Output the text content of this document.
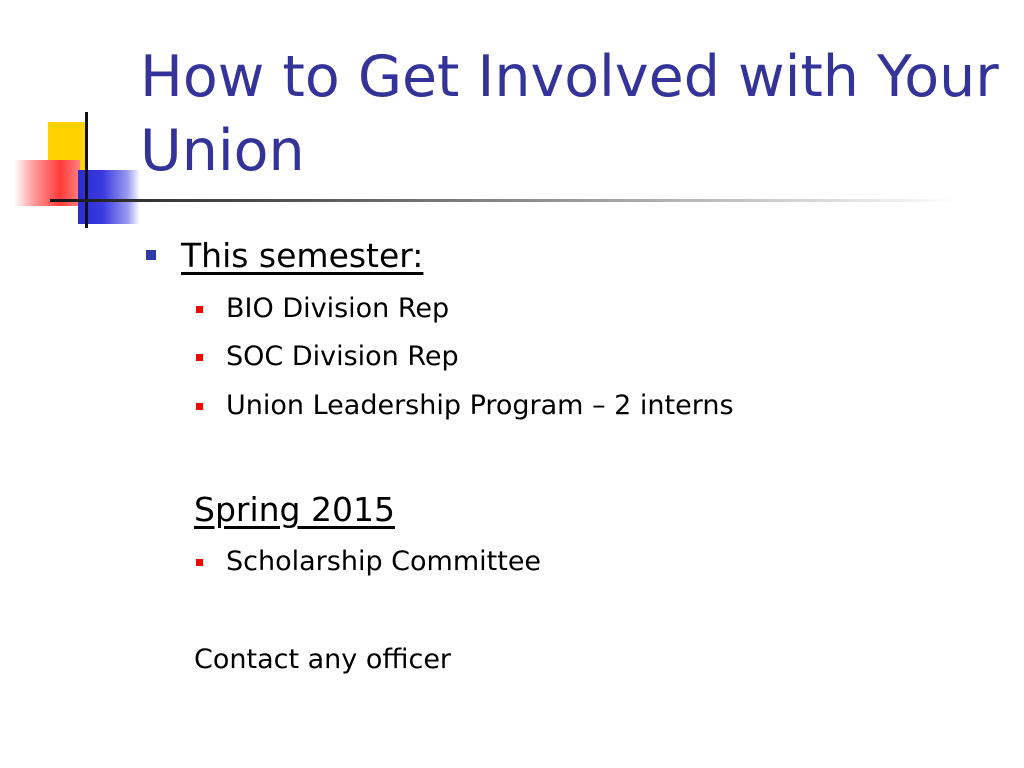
How to Get Involved with Your Union
This semester:
BIO Division Rep
SOC Division Rep
Union Leadership Program – 2 interns
Spring 2015
Scholarship Committee
Contact any officer
